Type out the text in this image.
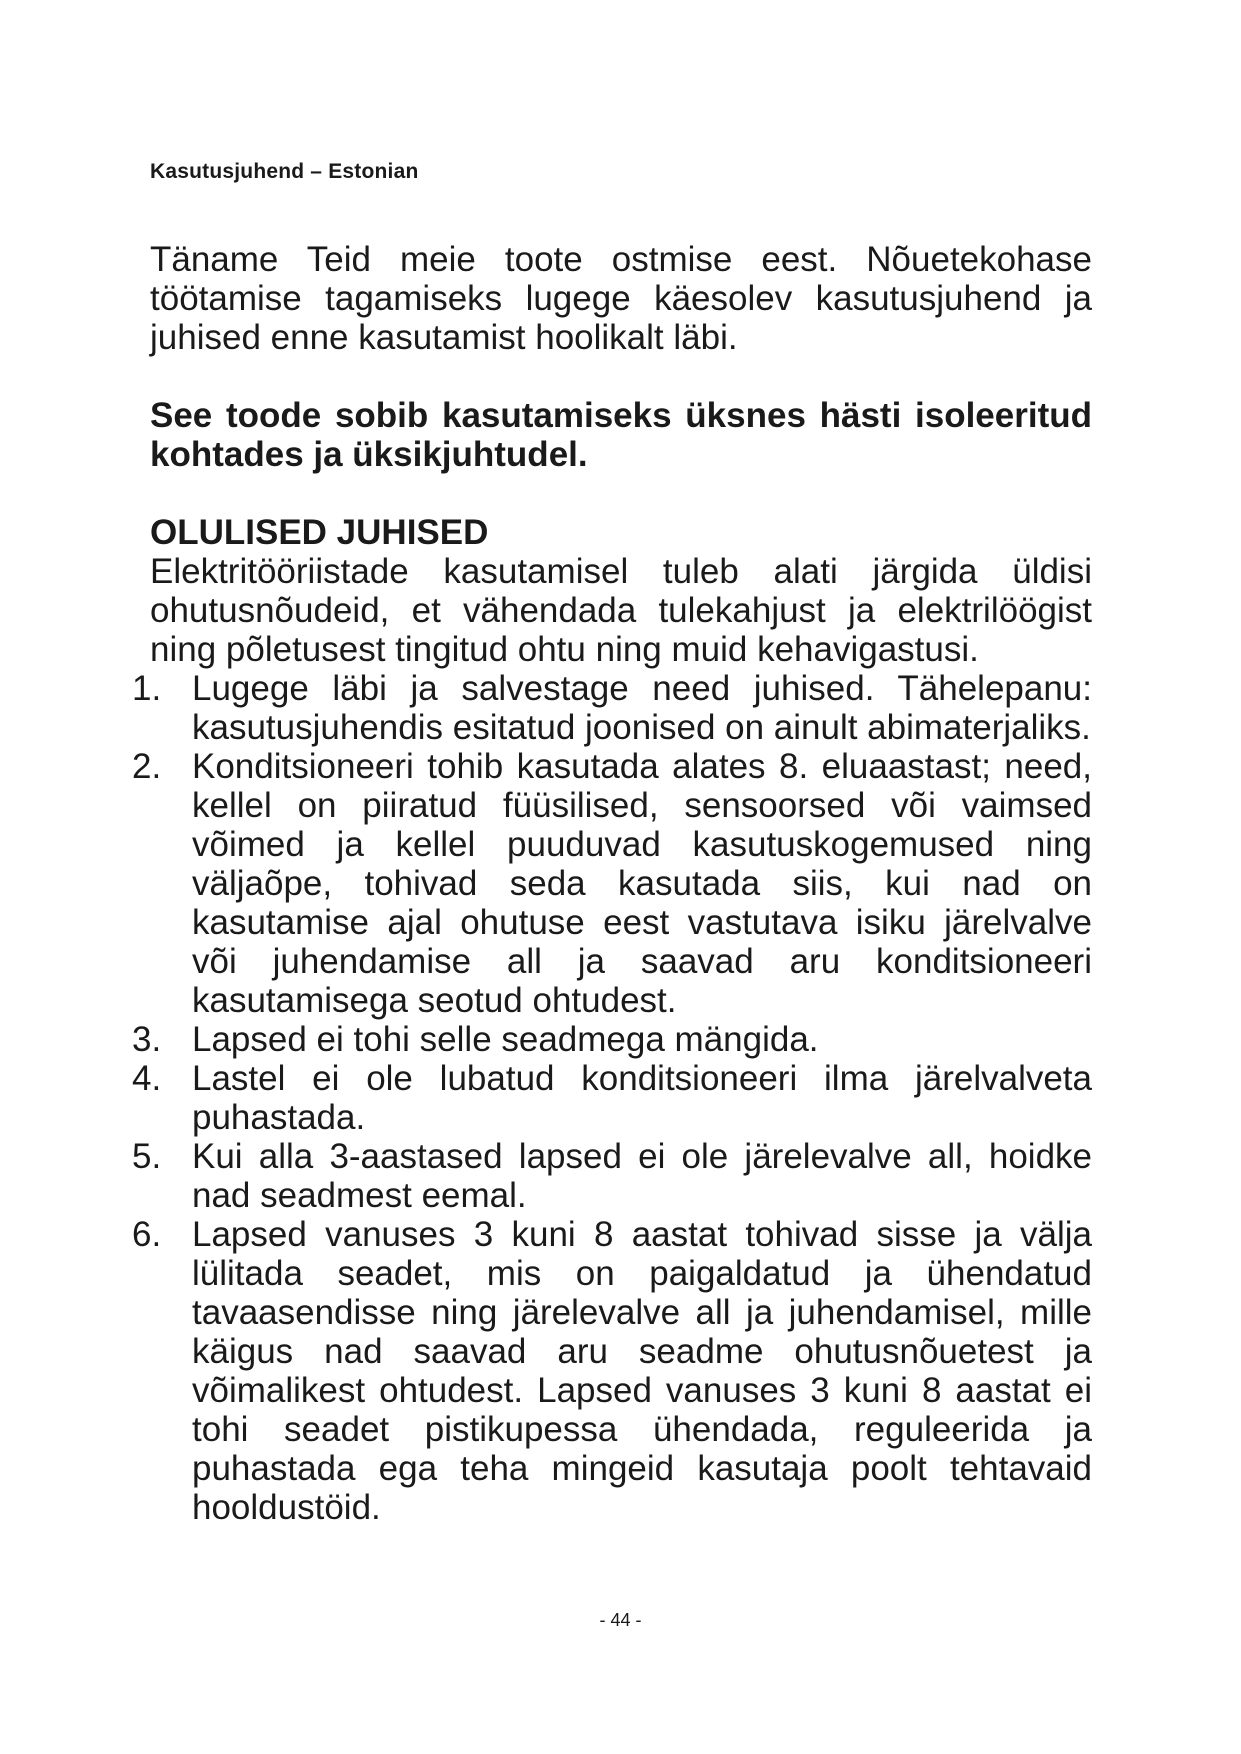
Kasutusjuhend – Estonian

Täname Teid meie toote ostmise eest. Nõuetekohase töötamise tagamiseks lugege käesolev kasutusjuhend ja juhised enne kasutamist hoolikalt läbi.

See toode sobib kasutamiseks üksnes hästi isoleeritud kohtades ja üksikjuhtudel.

OLULISED JUHISED

Elektritööriistade kasutamisel tuleb alati järgida üldisi ohutusnõudeid, et vähendada tulekahjust ja elektrilöögist ning põletusest tingitud ohtu ning muid kehavigastusi.

1. Lugege läbi ja salvestage need juhised. Tähelepanu: kasutusjuhendis esitatud joonised on ainult abimaterjaliks.
2. Konditsioneeri tohib kasutada alates 8. eluaastast; need, kellel on piiratud füüsilised, sensoorsed või vaimsed võimed ja kellel puuduvad kasutuskogemused ning väljaõpe, tohivad seda kasutada siis, kui nad on kasutamise ajal ohutuse eest vastutava isiku järelvalve või juhendamise all ja saavad aru konditsioneeri kasutamisega seotud ohtudest.
3. Lapsed ei tohi selle seadmega mängida.
4. Lastel ei ole lubatud konditsioneeri ilma järelvalveta puhastada.
5. Kui alla 3-aastased lapsed ei ole järelevalve all, hoidke nad seadmest eemal.
6. Lapsed vanuses 3 kuni 8 aastat tohivad sisse ja välja lülitada seadet, mis on paigaldatud ja ühendatud tavaasendisse ning järelevalve all ja juhendamisel, mille käigus nad saavad aru seadme ohutusnõuetest ja võimalikest ohtudest. Lapsed vanuses 3 kuni 8 aastat ei tohi seadet pistikupessa ühendada, reguleerida ja puhastada ega teha mingeid kasutaja poolt tehtavaid hooldustöid.
- 44 -
